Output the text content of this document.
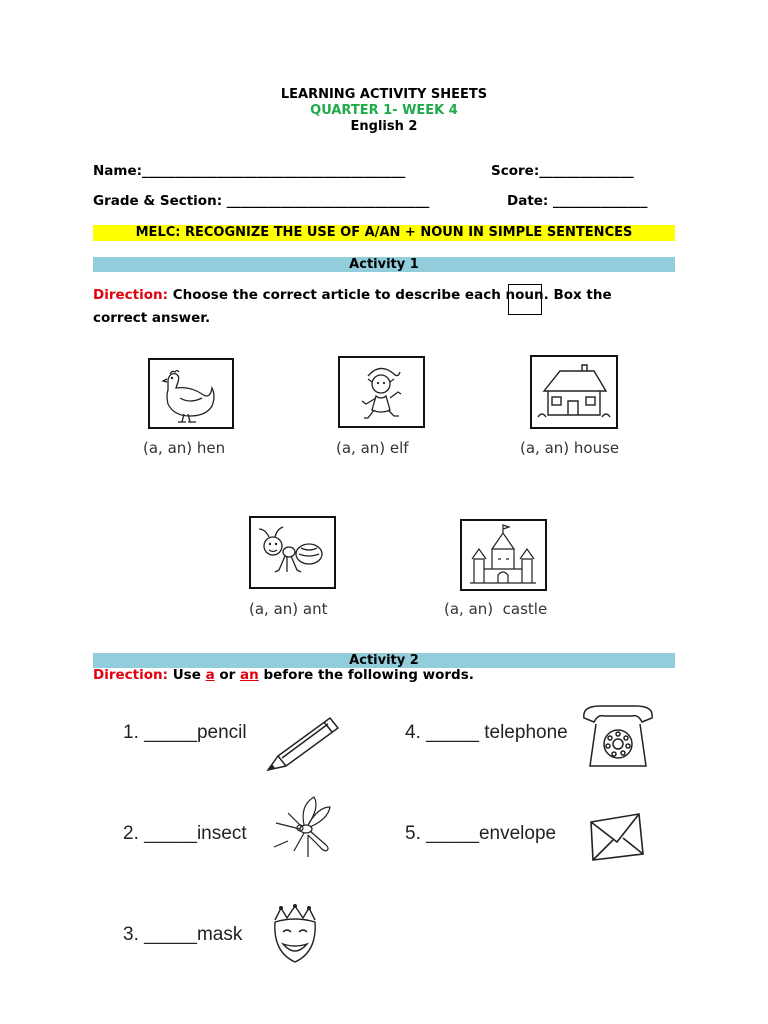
LEARNING ACTIVITY SHEETS
QUARTER 1- WEEK 4
English 2
Name:_______________________________________	Score:______________
Grade & Section: ______________________________	Date: ______________
MELC: RECOGNIZE THE USE OF A/AN + NOUN IN SIMPLE SENTENCES
Activity 1
Direction: Choose the correct article to describe each noun. Box the correct answer.
(a, an) hen	(a, an) elf	(a, an) house
(a, an) ant	(a, an)  castle
Activity 2
Direction: Use a or an before the following words.
1. _____pencil
2. _____insect
3. _____mask
4. _____ telephone
5. _____envelope
